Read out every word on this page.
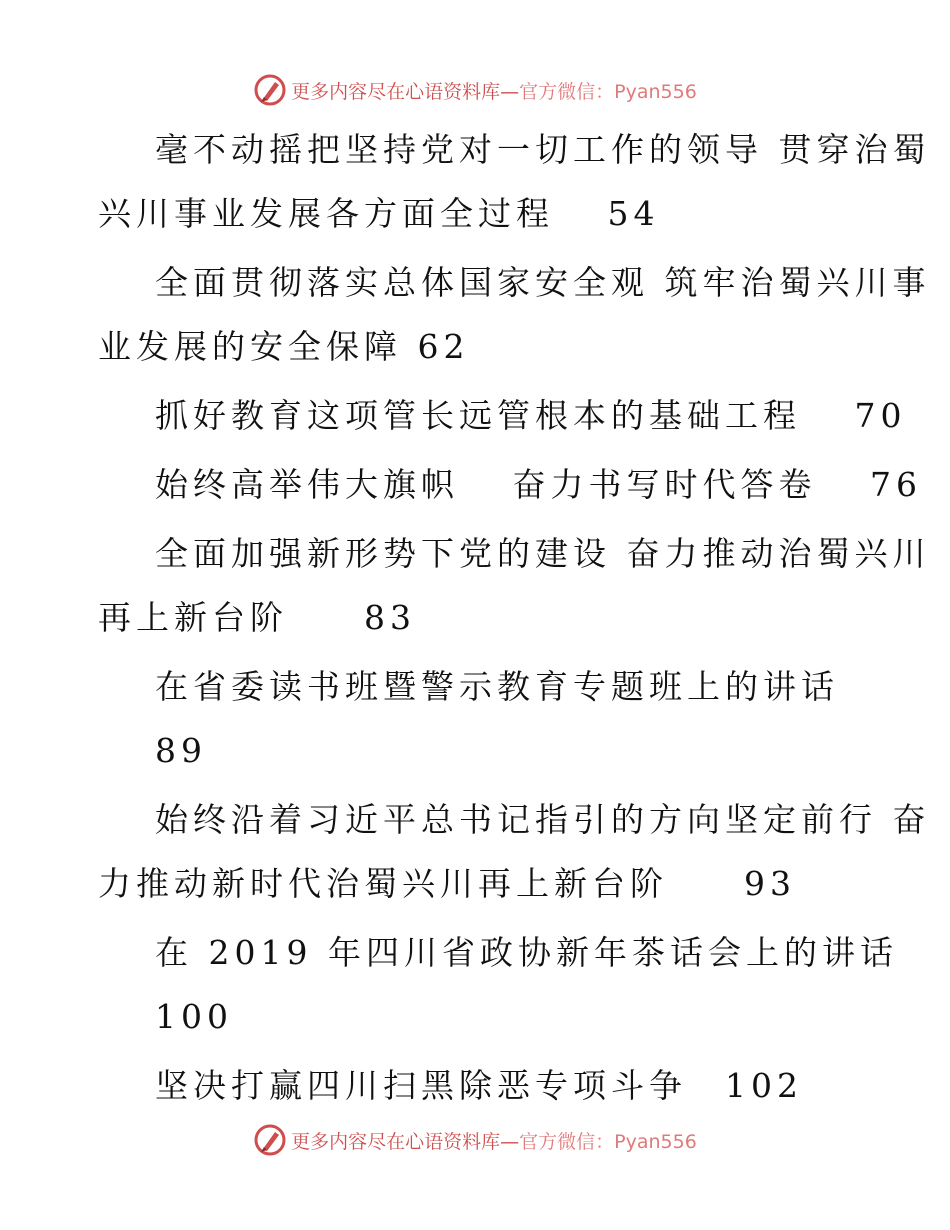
更多内容尽在心语资料库—官方微信：Pyan556
毫不动摇把坚持党对一切工作的领导 贯穿治蜀
兴川事业发展各方面全过程　 54
全面贯彻落实总体国家安全观 筑牢治蜀兴川事
业发展的安全保障 62
抓好教育这项管长远管根本的基础工程　 70
始终高举伟大旗帜　 奋力书写时代答卷　 76
全面加强新形势下党的建设 奋力推动治蜀兴川
再上新台阶　　83
在省委读书班暨警示教育专题班上的讲话
89
始终沿着习近平总书记指引的方向坚定前行 奋
力推动新时代治蜀兴川再上新台阶　　93
在 2019 年四川省政协新年茶话会上的讲话
100
坚决打赢四川扫黑除恶专项斗争　102
更多内容尽在心语资料库—官方微信：Pyan556
